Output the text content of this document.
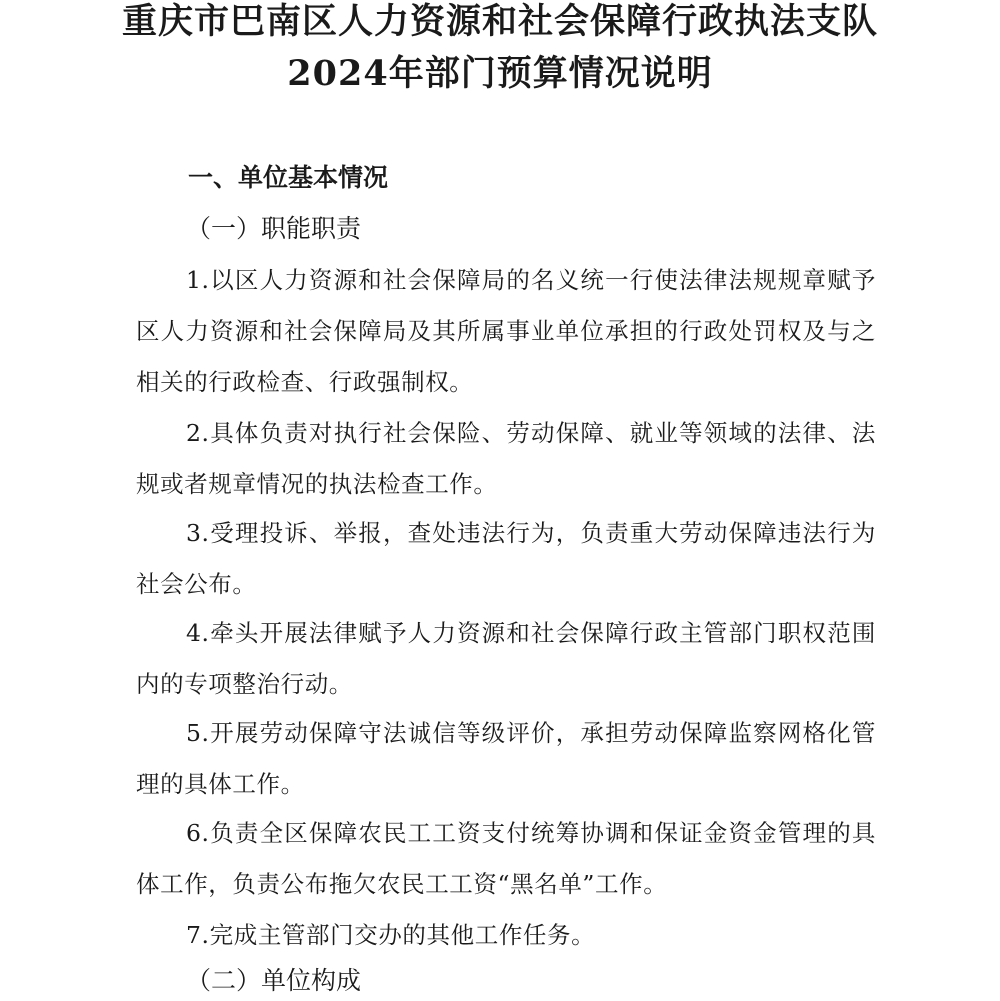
重庆市巴南区人力资源和社会保障行政执法支队
2024年部门预算情况说明
一、单位基本情况
（一）职能职责

1.以区人力资源和社会保障局的名义统一行使法律法规规章赋予区人力资源和社会保障局及其所属事业单位承担的行政处罚权及与之相关的行政检查、行政强制权。

2.具体负责对执行社会保险、劳动保障、就业等领域的法律、法规或者规章情况的执法检查工作。

3.受理投诉、举报，查处违法行为，负责重大劳动保障违法行为社会公布。

4.牵头开展法律赋予人力资源和社会保障行政主管部门职权范围内的专项整治行动。

5.开展劳动保障守法诚信等级评价，承担劳动保障监察网格化管理的具体工作。

6.负责全区保障农民工工资支付统筹协调和保证金资金管理的具体工作，负责公布拖欠农民工工资“黑名单”工作。

7.完成主管部门交办的其他工作任务。

（二）单位构成
